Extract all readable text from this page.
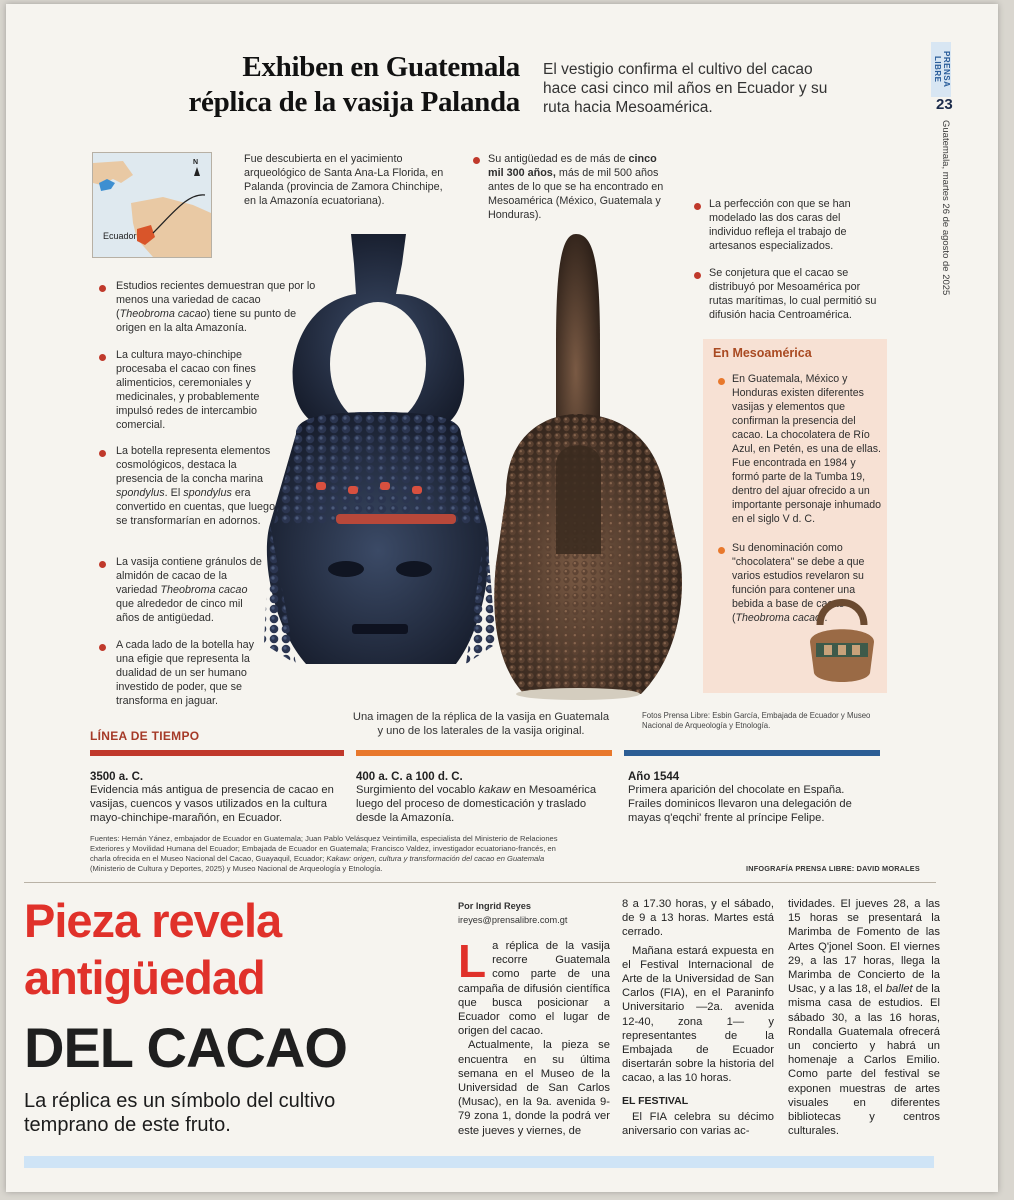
PRENSA LIBRE
23
Guatemala, martes 26 de agosto de 2025
Exhiben en Guatemala
réplica de la vasija Palanda
El vestigio confirma el cultivo del cacao hace casi cinco mil años en Ecuador y su ruta hacia Mesoamérica.
Ecuador
N	Fue descubierta en el yacimiento arqueológico de Santa Ana-La Florida, en Palanda (provincia de Zamora Chinchipe, en la Amazonía ecuatoriana).
Su antigüedad es de más de cinco mil 300 años, más de mil 500 años antes de lo que se ha encontrado en Mesoamérica (México, Guatemala y Honduras).
La perfección con que se han modelado las dos caras del individuo refleja el trabajo de artesanos especializados.
Se conjetura que el cacao se distribuyó por Mesoamérica por rutas marítimas, lo cual permitió su difusión hacia Centroamérica.
Estudios recientes demuestran que por lo menos una variedad de cacao (Theobroma cacao) tiene su punto de origen en la alta Amazonía.
La cultura mayo-chinchipe procesaba el cacao con fines alimenticios, ceremoniales y medicinales, y probablemente impulsó redes de intercambio comercial.
La botella representa elementos cosmológicos, destaca la presencia de la concha marina spondylus. El spondylus era convertido en cuentas, que luego se transformarían en adornos.
La vasija contiene gránulos de almidón de cacao de la variedad Theobroma cacao que alrededor de cinco mil años de antigüedad.
A cada lado de la botella hay una efigie que representa la dualidad de un ser humano investido de poder, que se transforma en jaguar.
En Mesoamérica
En Guatemala, México y Honduras existen diferentes vasijas y elementos que confirman la presencia del cacao. La chocolatera de Río Azul, en Petén, es una de ellas. Fue encontrada en 1984 y formó parte de la Tumba 19, dentro del ajuar ofrecido a un importante personaje inhumado en el siglo V d. C.
Su denominación como "chocolatera" se debe a que varios estudios revelaron su función para contener una bebida a base de cacao (Theobroma cacao).
Una imagen de la réplica de la vasija en Guatemala y uno de los laterales de la vasija original.
Fotos Prensa Libre: Esbin García, Embajada de Ecuador y Museo Nacional de Arqueología y Etnología.
LÍNEA DE TIEMPO
3500 a. C.
Evidencia más antigua de presencia de cacao en vasijas, cuencos y vasos utilizados en la cultura mayo-chinchipe-marañón, en Ecuador.
400 a. C. a 100 d. C.
Surgimiento del vocablo kakaw en Mesoamérica luego del proceso de domesticación y traslado desde la Amazonía.
Año 1544
Primera aparición del chocolate en España. Frailes dominicos llevaron una delegación de mayas q'eqchi' frente al príncipe Felipe.
Fuentes: Hernán Yánez, embajador de Ecuador en Guatemala; Juan Pablo Velásquez Veintimilla, especialista del Ministerio de Relaciones Exteriores y Movilidad Humana del Ecuador; Embajada de Ecuador en Guatemala; Francisco Valdez, investigador ecuatoriano-francés, en charla ofrecida en el Museo Nacional del Cacao, Guayaquil, Ecuador; Kakaw: origen, cultura y transformación del cacao en Guatemala (Ministerio de Cultura y Deportes, 2025) y Museo Nacional de Arqueología y Etnología.	INFOGRAFÍA PRENSA LIBRE: DAVID MORALES
Pieza revela
antigüedad
DEL CACAO
La réplica es un símbolo del cultivo temprano de este fruto.
Por Ingrid Reyes
ireyes@prensalibre.com.gt
L a réplica de la vasija recorre Guatemala como parte de una campaña de difusión científica que busca posicionar a Ecuador como el lugar de origen del cacao.

Actualmente, la pieza se encuentra en su última semana en el Museo de la Universidad de San Carlos (Musac), en la 9a. avenida 9-79 zona 1, donde la podrá ver este jueves y viernes, de

8 a 17.30 horas, y el sábado, de 9 a 13 horas. Martes está cerrado.

Mañana estará expuesta en el Festival Internacional de Arte de la Universidad de San Carlos (FIA), en el Paraninfo Universitario —2a. avenida 12-40, zona 1— y representantes de la Embajada de Ecuador disertarán sobre la historia del cacao, a las 10 horas.

EL FESTIVAL

El FIA celebra su décimo aniversario con varias ac-

tividades. El jueves 28, a las 15 horas se presentará la Marimba de Fomento de las Artes Q'jonel Soon. El viernes 29, a las 17 horas, llega la Marimba de Concierto de la Usac, y a las 18, el ballet de la misma casa de estudios. El sábado 30, a las 16 horas, Rondalla Guatemala ofrecerá un concierto y habrá un homenaje a Carlos Emilio. Como parte del festival se exponen muestras de artes visuales en diferentes bibliotecas y centros culturales.
